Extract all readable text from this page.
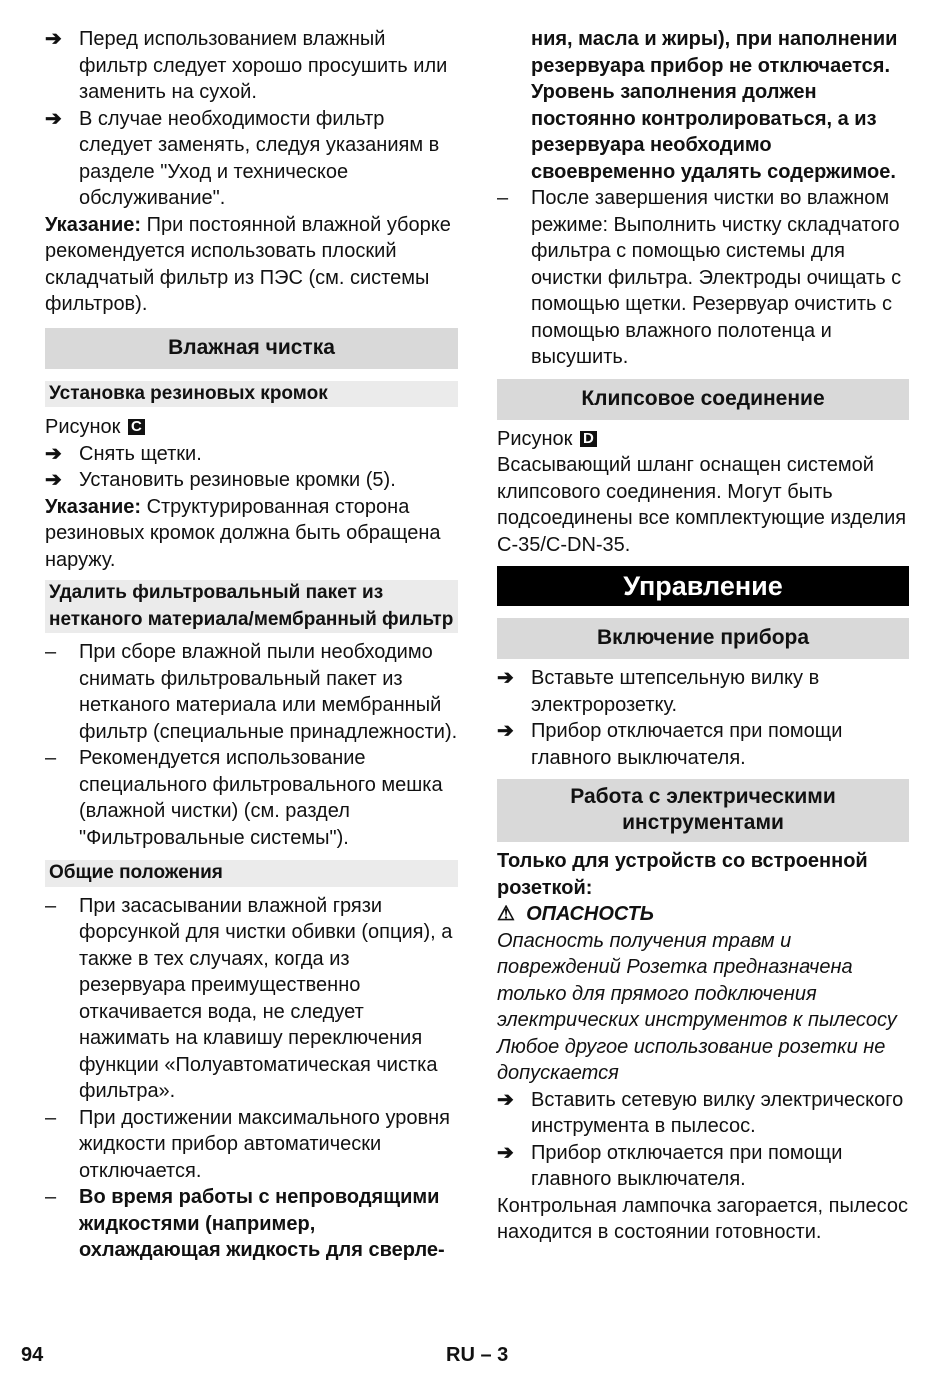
➔ Перед использованием влажный фильтр следует хорошо просушить или заменить на сухой.
➔ В случае необходимости фильтр следует заменять, следуя указаниям в разделе "Уход и техническое обслуживание".

Указание: При постоянной влажной уборке рекомендуется использовать плоский складчатый фильтр из ПЭС (см. системы фильтров).

Влажная чистка
Установка резиновых кромок

Рисунок C

➔ Снять щетки.
➔ Установить резиновые кромки (5).

Указание: Структурированная сторона резиновых кромок должна быть обращена наружу.

Удалить фильтровальный пакет из нетканого материала/мембранный фильтр
– При сборе влажной пыли необходимо снимать фильтровальный пакет из нетканого материала или мембранный фильтр (специальные принадлежности).
– Рекомендуется использование специального фильтровального мешка (влажной чистки) (см. раздел "Фильтровальные системы").
Общие положения
– При засасывании влажной грязи форсункой для чистки обивки (опция), а также в тех случаях, когда из резервуара преимущественно откачивается вода, не следует нажимать на клавишу переключения функции «Полуавтоматическая чистка фильтра».
– При достижении максимального уровня жидкости прибор автоматически отключается.
– Во время работы с непроводящими жидкостями (например, охлаждающая жидкость для сверле-

ния, масла и жиры), при наполнении резервуара прибор не отключается. Уровень заполнения должен постоянно контролироваться, а из резервуара необходимо своевременно удалять содержимое.

– После завершения чистки во влажном режиме: Выполнить чистку складчатого фильтра с помощью системы для очистки фильтра. Электроды очищать с помощью щетки. Резервуар очистить с помощью влажного полотенца и высушить.
Клипсовое соединение

Рисунок D

Всасывающий шланг оснащен системой клипсового соединения. Могут быть подсоединены все комплектующие изделия C-35/C-DN-35.

Управление
Включение прибора
➔ Вставьте штепсельную вилку в электророзетку.
➔ Прибор отключается при помощи главного выключателя.
Работа с электрическими инструментами

Только для устройств со встроенной розеткой:

⚠ ОПАСНОСТЬ

Опасность получения травм и повреждений Розетка предназначена только для прямого подключения электрических инструментов к пылесосу Любое другое использование розетки не допускается

➔ Вставить сетевую вилку электрического инструмента в пылесос.
➔ Прибор отключается при помощи главного выключателя.

Контрольная лампочка загорается, пылесос находится в состоянии готовности.

94	RU – 3
